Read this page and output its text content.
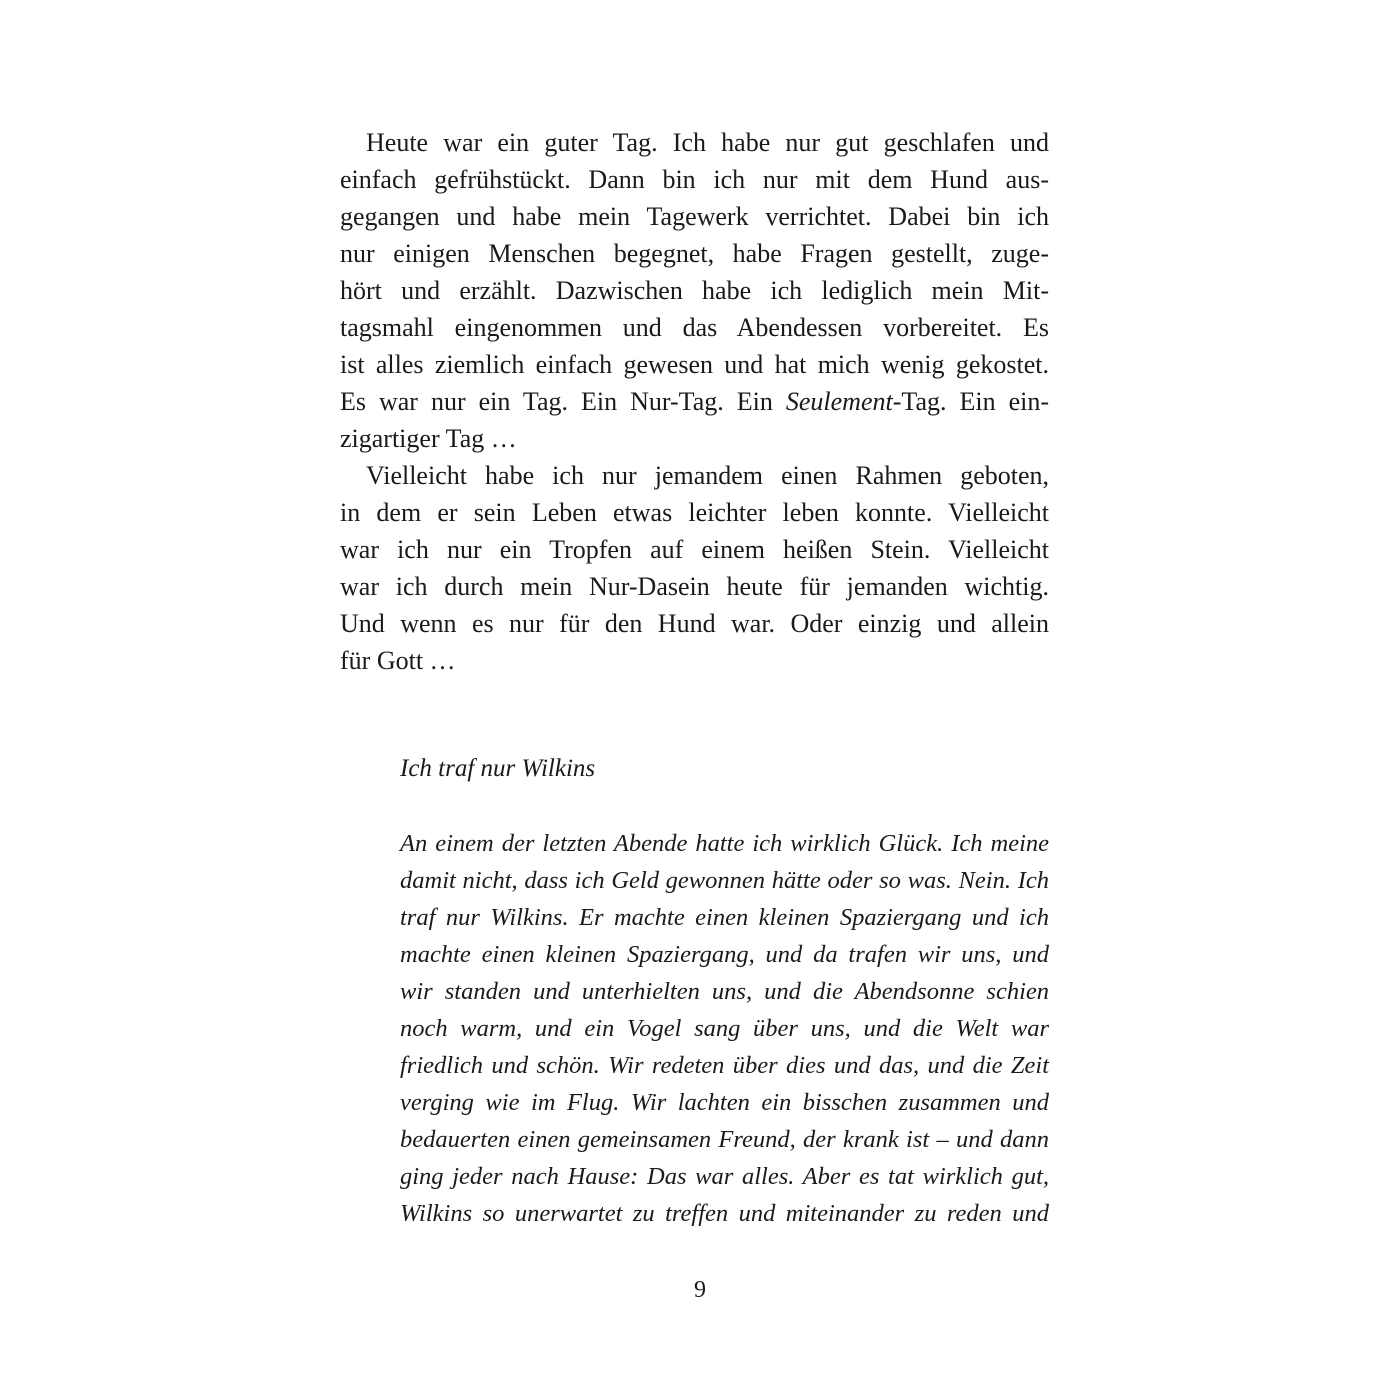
 Heute war ein guter Tag. Ich habe nur gut geschlafen und
einfach gefrühstückt. Dann bin ich nur mit dem Hund aus-
gegangen und habe mein Tagewerk verrichtet. Dabei bin ich
nur einigen Menschen begegnet, habe Fragen gestellt, zuge-
hört und erzählt. Dazwischen habe ich lediglich mein Mit-
tagsmahl eingenommen und das Abendessen vorbereitet. Es
ist alles ziemlich einfach gewesen und hat mich wenig gekostet.
Es war nur ein Tag. Ein Nur-Tag. Ein Seulement-Tag. Ein ein-
zigartiger Tag …
 Vielleicht habe ich nur jemandem einen Rahmen geboten,
in dem er sein Leben etwas leichter leben konnte. Vielleicht
war ich nur ein Tropfen auf einem heißen Stein. Vielleicht
war ich durch mein Nur-Dasein heute für jemanden wichtig.
Und wenn es nur für den Hund war. Oder einzig und allein
für Gott …
Ich traf nur Wilkins
An einem der letzten Abende hatte ich wirklich Glück. Ich meine
damit nicht, dass ich Geld gewonnen hätte oder so was. Nein. Ich
traf nur Wilkins. Er machte einen kleinen Spaziergang und ich
machte einen kleinen Spaziergang, und da trafen wir uns, und
wir standen und unterhielten uns, und die Abendsonne schien
noch warm, und ein Vogel sang über uns, und die Welt war
friedlich und schön. Wir redeten über dies und das, und die Zeit
verging wie im Flug. Wir lachten ein bisschen zusammen und
bedauerten einen gemeinsamen Freund, der krank ist – und dann
ging jeder nach Hause: Das war alles. Aber es tat wirklich gut,
Wilkins so unerwartet zu treffen und miteinander zu reden und
9
